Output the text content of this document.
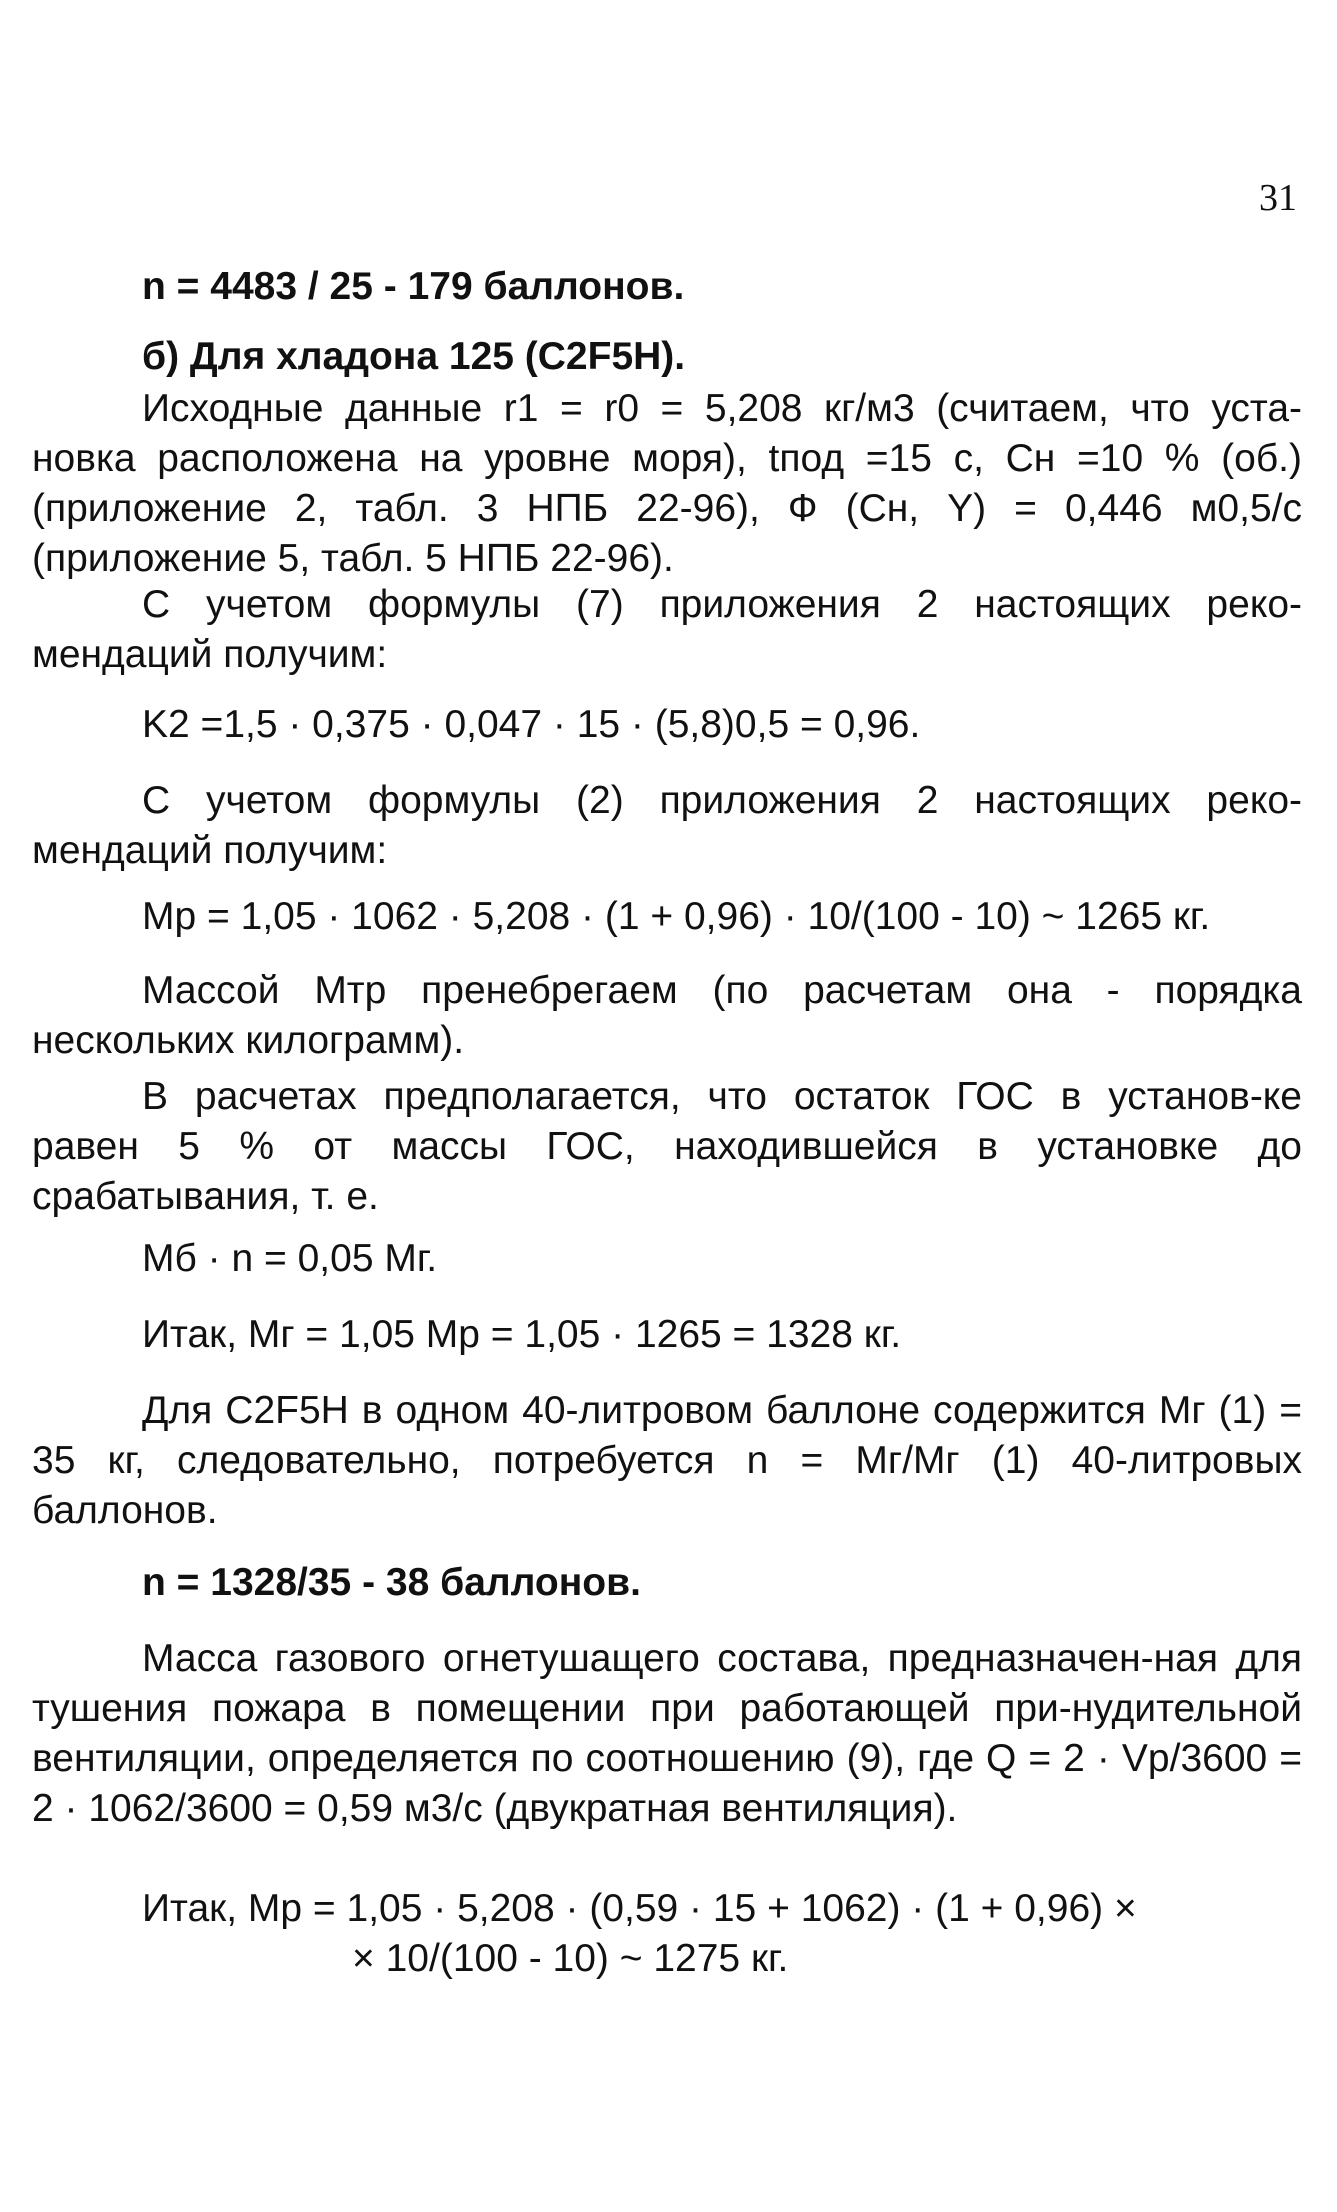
31
n = 4483 / 25 - 179 баллонов.
б) Для хладона 125 (C2F5H).
Исходные данные r1 = r0 = 5,208 кг/м3 (считаем, что уста-
новка расположена на уровне моря), tпод =15 с, Cн =10 % (об.)
(приложение 2, табл. 3 НПБ 22-96), Ф (Cн, Y) = 0,446 м0,5/с
(приложение 5, табл. 5 НПБ 22-96).
С учетом формулы (7) приложения 2 настоящих реко-мендаций получим:
K2 =1,5 · 0,375 · 0,047 · 15 · (5,8)0,5 = 0,96.
С учетом формулы (2) приложения 2 настоящих реко-мендаций получим:
Mp = 1,05 · 1062 · 5,208 · (1 + 0,96) · 10/(100 - 10) ~ 1265 кг.
Массой Mтр пренебрегаем (по расчетам она - порядка нескольких килограмм).
В расчетах предполагается, что остаток ГОС в установ-ке равен 5 % от массы ГОС, находившейся в установке до срабатывания, т. е.
Mб · n = 0,05 Mг.
Итак, Mг = 1,05 Mp = 1,05 · 1265 = 1328 кг.
Для C2F5H в одном 40-литровом баллоне содержится Mг (1) = 35 кг, следовательно, потребуется n = Mг/Mг (1) 40-литровых баллонов.
n = 1328/35 - 38 баллонов.
Масса газового огнетушащего состава, предназначен-ная для тушения пожара в помещении при работающей при-нудительной вентиляции, определяется по соотношению (9), где Q = 2 · Vp/3600 = 2 · 1062/3600 = 0,59 м3/с (двукратная вентиляция).
Итак, Mp = 1,05 · 5,208 · (0,59 · 15 + 1062) · (1 + 0,96) ×
× 10/(100 - 10) ~ 1275 кг.
